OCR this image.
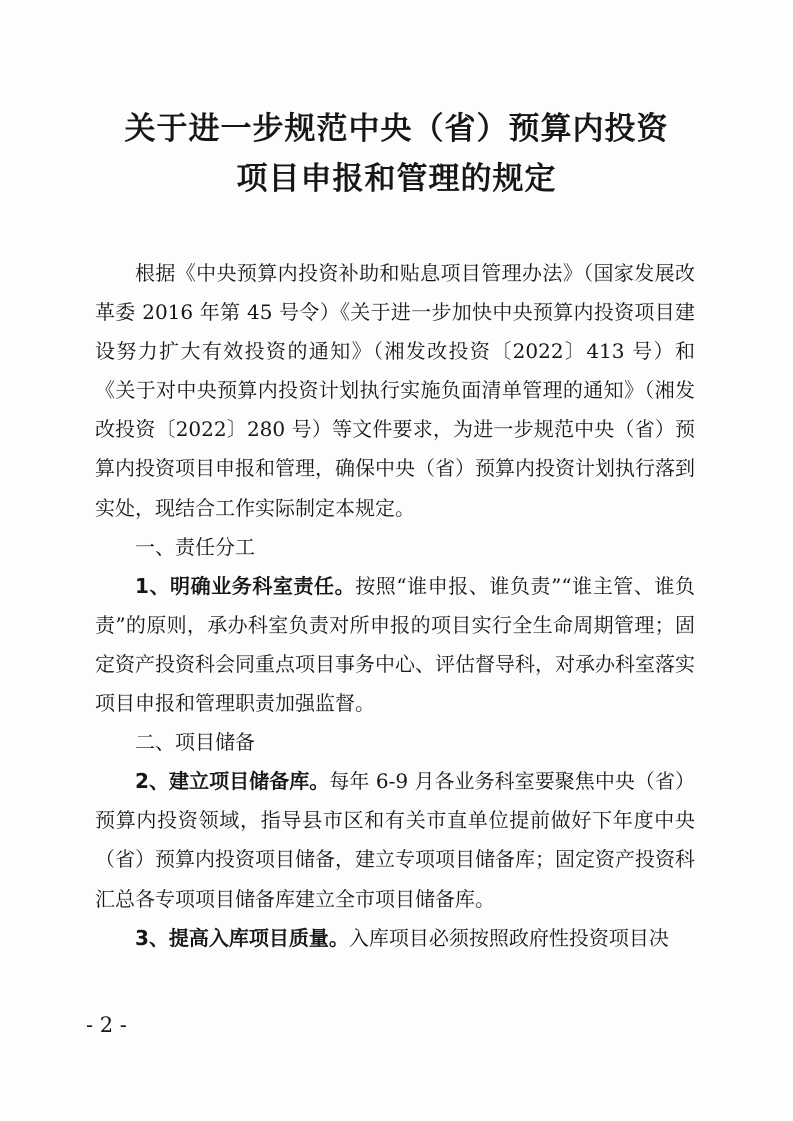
关于进一步规范中央（省）预算内投资
项目申报和管理的规定

根据《中央预算内投资补助和贴息项目管理办法》（国家发展改革委 2016 年第 45 号令）《关于进一步加快中央预算内投资项目建设努力扩大有效投资的通知》（湘发改投资〔2022〕413 号）和《关于对中央预算内投资计划执行实施负面清单管理的通知》（湘发改投资〔2022〕280 号）等文件要求，为进一步规范中央（省）预算内投资项目申报和管理，确保中央（省）预算内投资计划执行落到实处，现结合工作实际制定本规定。

一、责任分工

1、明确业务科室责任。按照“谁申报、谁负责”“谁主管、谁负责”的原则，承办科室负责对所申报的项目实行全生命周期管理；固定资产投资科会同重点项目事务中心、评估督导科，对承办科室落实项目申报和管理职责加强监督。

二、项目储备

2、建立项目储备库。每年 6-9 月各业务科室要聚焦中央（省）预算内投资领域，指导县市区和有关市直单位提前做好下年度中央（省）预算内投资项目储备，建立专项项目储备库；固定资产投资科汇总各专项项目储备库建立全市项目储备库。

3、提高入库项目质量。入库项目必须按照政府性投资项目决

- 2 -
